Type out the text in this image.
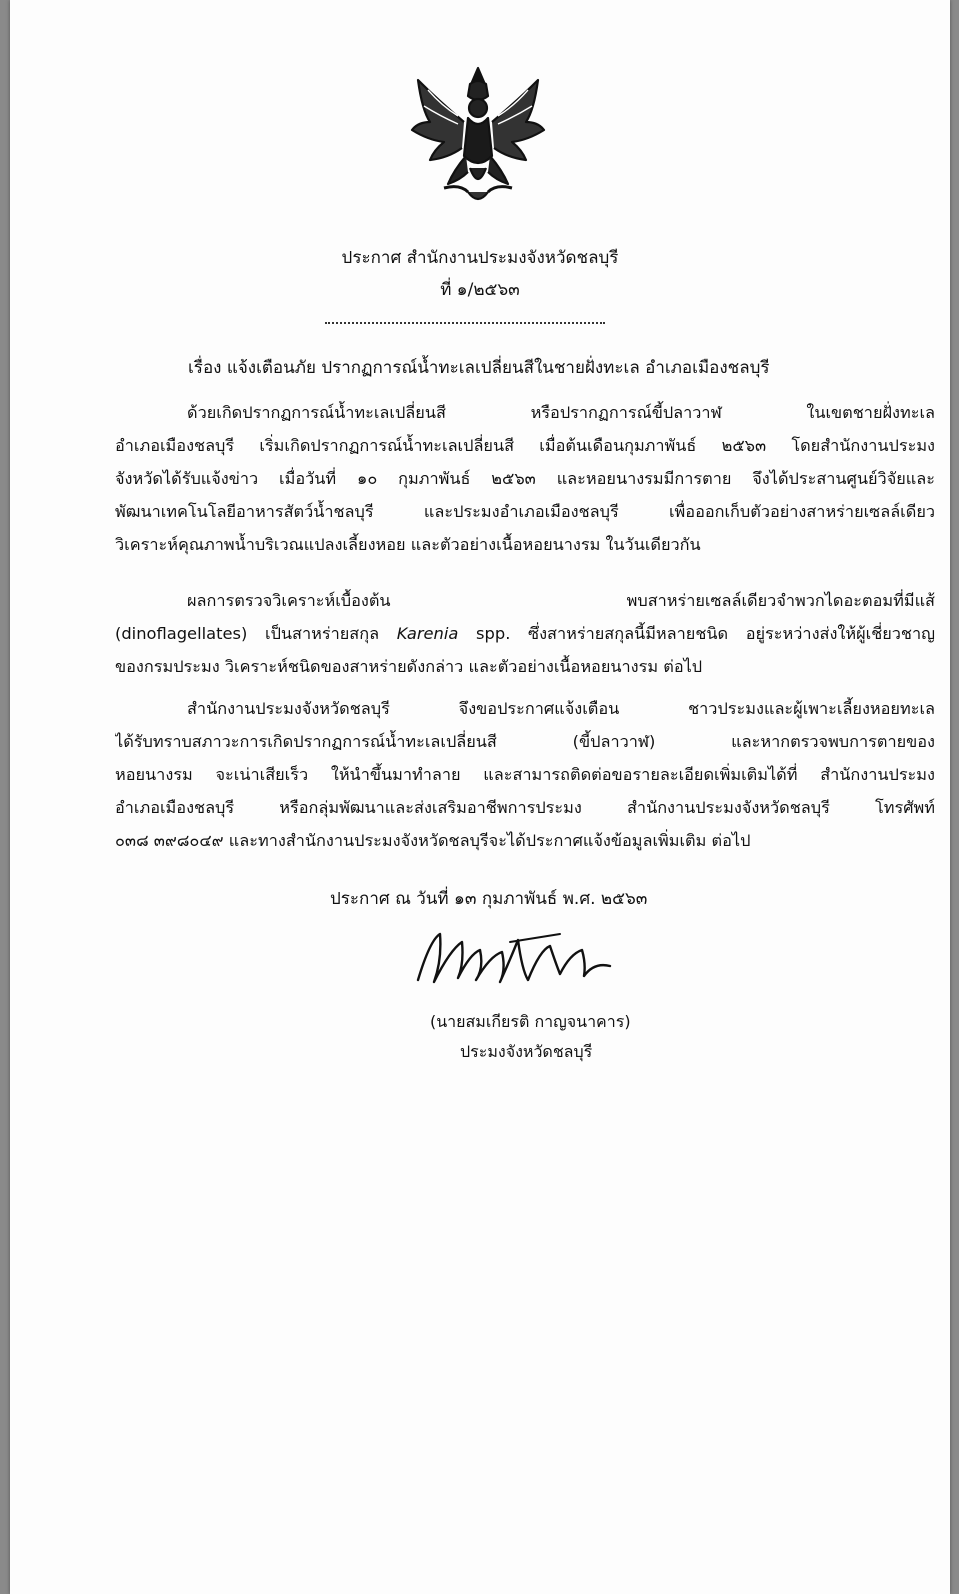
ประกาศ สำนักงานประมงจังหวัดชลบุรี
ที่ ๑/๒๕๖๓
เรื่อง แจ้งเตือนภัย ปรากฏการณ์น้ำทะเลเปลี่ยนสีในชายฝั่งทะเล อำเภอเมืองชลบุรี
ด้วยเกิดปรากฏการณ์น้ำทะเลเปลี่ยนสี หรือปรากฏการณ์ขี้ปลาวาฬ ในเขตชายฝั่งทะเล
อำเภอเมืองชลบุรี เริ่มเกิดปรากฏการณ์น้ำทะเลเปลี่ยนสี เมื่อต้นเดือนกุมภาพันธ์ ๒๕๖๓ โดยสำนักงานประมง
จังหวัดได้รับแจ้งข่าว เมื่อวันที่ ๑๐ กุมภาพันธ์ ๒๕๖๓ และหอยนางรมมีการตาย จึงได้ประสานศูนย์วิจัยและ
พัฒนาเทคโนโลยีอาหารสัตว์น้ำชลบุรี และประมงอำเภอเมืองชลบุรี เพื่อออกเก็บตัวอย่างสาหร่ายเซลล์เดียว
วิเคราะห์คุณภาพน้ำบริเวณแปลงเลี้ยงหอย และตัวอย่างเนื้อหอยนางรม ในวันเดียวกัน
ผลการตรวจวิเคราะห์เบื้องต้น พบสาหร่ายเซลล์เดียวจำพวกไดอะตอมที่มีแส้
(dinoflagellates) เป็นสาหร่ายสกุล Karenia spp. ซึ่งสาหร่ายสกุลนี้มีหลายชนิด อยู่ระหว่างส่งให้ผู้เชี่ยวชาญ
ของกรมประมง วิเคราะห์ชนิดของสาหร่ายดังกล่าว และตัวอย่างเนื้อหอยนางรม ต่อไป
สำนักงานประมงจังหวัดชลบุรี จึงขอประกาศแจ้งเตือน ชาวประมงและผู้เพาะเลี้ยงหอยทะเล
ได้รับทราบสภาวะการเกิดปรากฏการณ์น้ำทะเลเปลี่ยนสี (ขี้ปลาวาฬ) และหากตรวจพบการตายของ
หอยนางรม จะเน่าเสียเร็ว ให้นำขึ้นมาทำลาย และสามารถติดต่อขอรายละเอียดเพิ่มเติมได้ที่ สำนักงานประมง
อำเภอเมืองชลบุรี หรือกลุ่มพัฒนาและส่งเสริมอาชีพการประมง สำนักงานประมงจังหวัดชลบุรี โทรศัพท์
๐๓๘ ๓๙๘๐๔๙ และทางสำนักงานประมงจังหวัดชลบุรีจะได้ประกาศแจ้งข้อมูลเพิ่มเติม ต่อไป
ประกาศ ณ วันที่ ๑๓ กุมภาพันธ์ พ.ศ. ๒๕๖๓
(นายสมเกียรติ กาญจนาคาร)
ประมงจังหวัดชลบุรี
